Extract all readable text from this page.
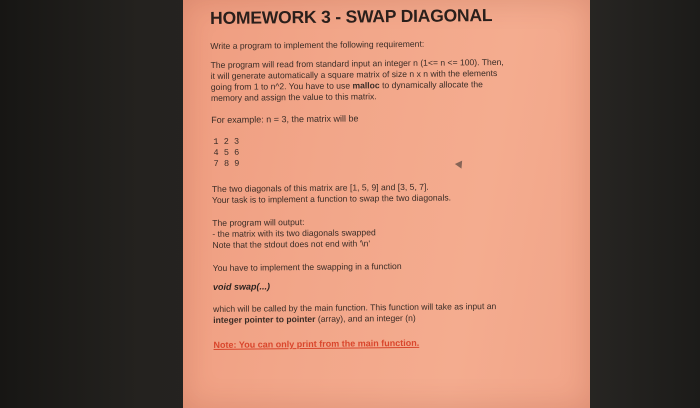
HOMEWORK 3 - SWAP DIAGONAL
Write a program to implement the following requirement:
The program will read from standard input an integer n (1<= n <= 100). Then,
it will generate automatically a square matrix of size n x n with the elements
going from 1 to n^2. You have to use malloc to dynamically allocate the
memory and assign the value to this matrix.
For example: n = 3, the matrix will be
1 2 3
4 5 6
7 8 9
The two diagonals of this matrix are [1, 5, 9] and [3, 5, 7].
Your task is to implement a function to swap the two diagonals.
The program will output:
- the matrix with its two diagonals swapped
Note that the stdout does not end with '\n'
You have to implement the swapping in a function
void swap(...)
which will be called by the main function. This function will take as input an
integer pointer to pointer (array), and an integer (n)
Note: You can only print from the main function.
